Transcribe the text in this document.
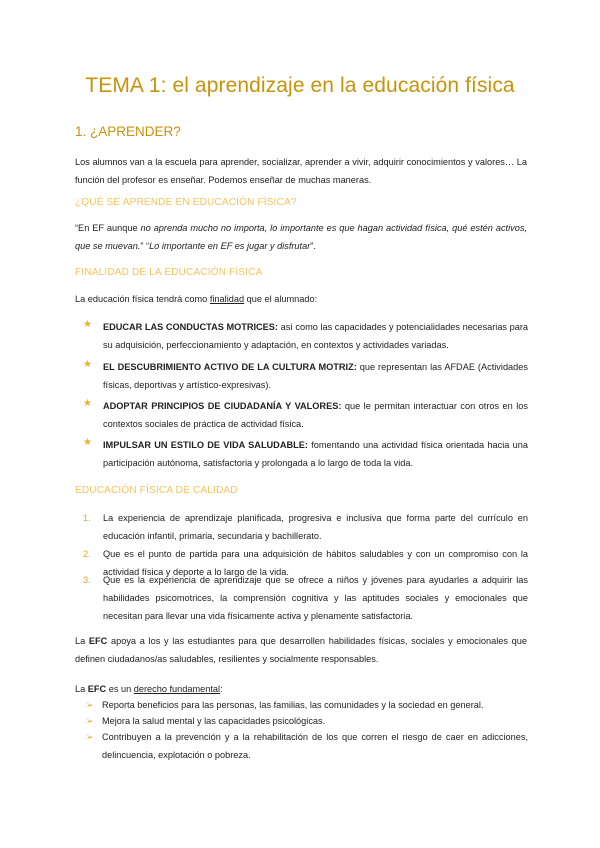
TEMA 1: el aprendizaje en la educación física
1. ¿APRENDER?

Los alumnos van a la escuela para aprender, socializar, aprender a vivir, adquirir conocimientos y valores… La función del profesor es enseñar. Podemos enseñar de muchas maneras.

¿QUÉ SE APRENDE EN EDUCACIÓN FÍSICA?

“En EF aunque no aprenda mucho no importa, lo importante es que hagan actividad física, qué estén activos, que se muevan.” “Lo importante en EF es jugar y disfrutar”.

FINALIDAD DE LA EDUCACIÓN FÍSICA

La educación física tendrá como finalidad que el alumnado:

★ EDUCAR LAS CONDUCTAS MOTRICES: así como las capacidades y potencialidades necesarias para su adquisición, perfeccionamiento y adaptación, en contextos y actividades variadas.
★ EL DESCUBRIMIENTO ACTIVO DE LA CULTURA MOTRIZ: que representan las AFDAE (Actividades físicas, deportivas y artístico-expresivas).
★ ADOPTAR PRINCIPIOS DE CIUDADANÍA Y VALORES: que le permitan interactuar con otros en los contextos sociales de práctica de actividad física.
★ IMPULSAR UN ESTILO DE VIDA SALUDABLE: fomentando una actividad física orientada hacia una participación autónoma, satisfactoria y prolongada a lo largo de toda la vida.
EDUCACIÓN FÍSICA DE CALIDAD
1. La experiencia de aprendizaje planificada, progresiva e inclusiva que forma parte del currículo en educación infantil, primaria, secundaria y bachillerato.
2. Que es el punto de partida para una adquisición de hábitos saludables y con un compromiso con la actividad física y deporte a lo largo de la vida.
3. Que es la experiencia de aprendizaje que se ofrece a niños y jóvenes para ayudarles a adquirir las habilidades psicomotrices, la comprensión cognitiva y las aptitudes sociales y emocionales que necesitan para llevar una vida físicamente activa y plenamente satisfactoria.

La EFC apoya a los y las estudiantes para que desarrollen habilidades físicas, sociales y emocionales que definen ciudadanos/as saludables, resilientes y socialmente responsables.

La EFC es un derecho fundamental:

➢ Reporta beneficios para las personas, las familias, las comunidades y la sociedad en general.
➢ Mejora la salud mental y las capacidades psicológicas.
➢ Contribuyen a la prevención y a la rehabilitación de los que corren el riesgo de caer en adicciones, delincuencia, explotación o pobreza.
